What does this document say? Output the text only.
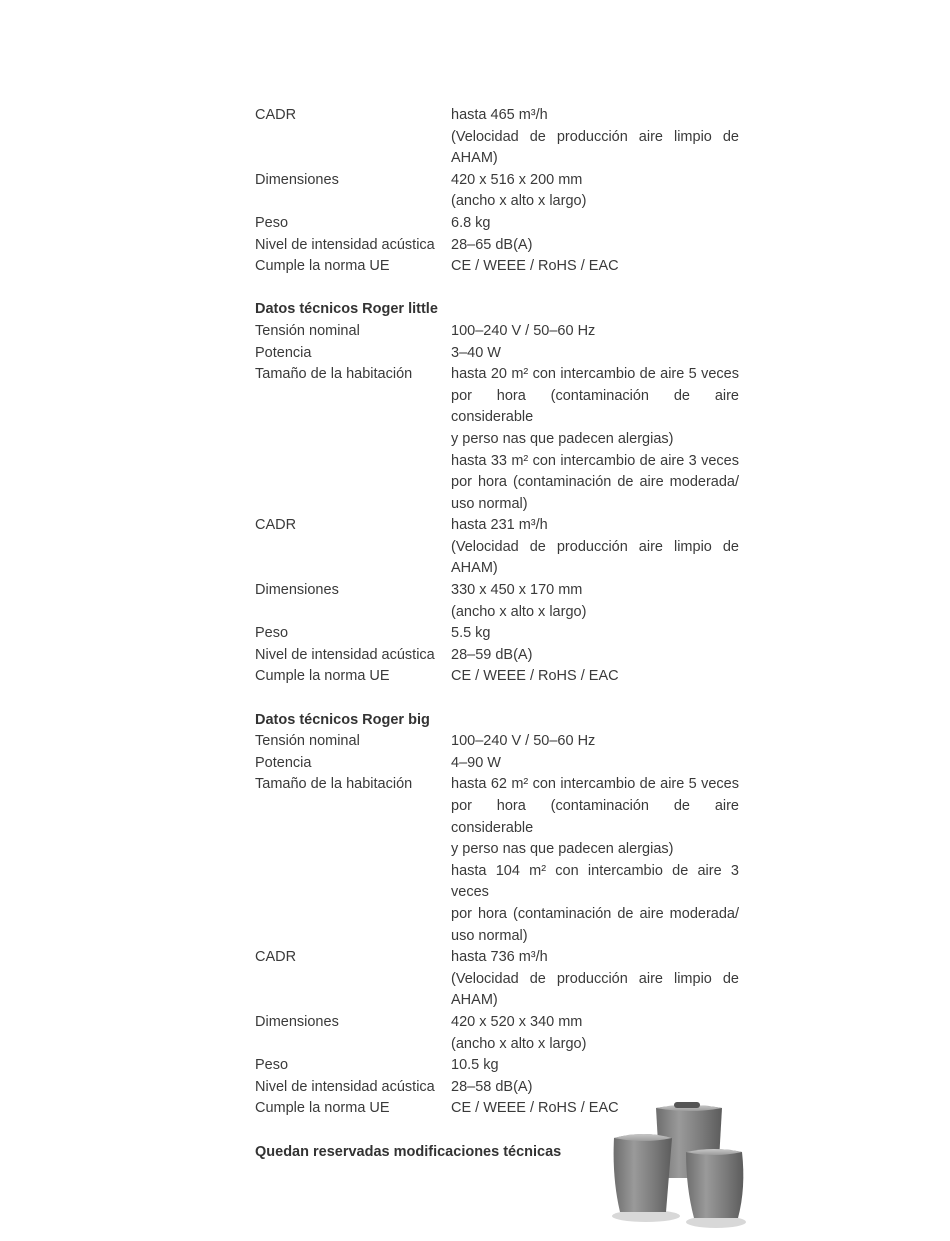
CADR	hasta 465 m³/h
(Velocidad de producción aire limpio de
AHAM)
Dimensiones	420 x 516 x 200 mm
(ancho x alto x largo)
Peso	6.8 kg
Nivel de intensidad acústica	28–65 dB(A)
Cumple la norma UE	CE / WEEE / RoHS / EAC
Datos técnicos Roger little
Tensión nominal	100–240 V / 50–60 Hz
Potencia	3–40 W
Tamaño de la habitación	hasta 20 m² con intercambio de aire 5 veces
por hora (contaminación de aire considerable
y perso nas que padecen alergias)
hasta 33 m² con intercambio de aire 3 veces
por hora (contaminación de aire moderada/
uso normal)
CADR	hasta 231 m³/h
(Velocidad de producción aire limpio de
AHAM)
Dimensiones	330 x 450 x 170 mm
(ancho x alto x largo)
Peso	5.5 kg
Nivel de intensidad acústica	28–59 dB(A)
Cumple la norma UE	CE / WEEE / RoHS / EAC
Datos técnicos Roger big
Tensión nominal	100–240 V / 50–60 Hz
Potencia	4–90 W
Tamaño de la habitación	hasta 62 m² con intercambio de aire 5 veces
por hora (contaminación de aire considerable
y perso nas que padecen alergias)
hasta 104 m² con intercambio de aire 3 veces
por hora (contaminación de aire moderada/
uso normal)
CADR	hasta 736 m³/h
(Velocidad de producción aire limpio de
AHAM)
Dimensiones	420 x 520 x 340 mm
(ancho x alto x largo)
Peso	10.5 kg
Nivel de intensidad acústica	28–58 dB(A)
Cumple la norma UE	CE / WEEE / RoHS / EAC
Quedan reservadas modificaciones técnicas
